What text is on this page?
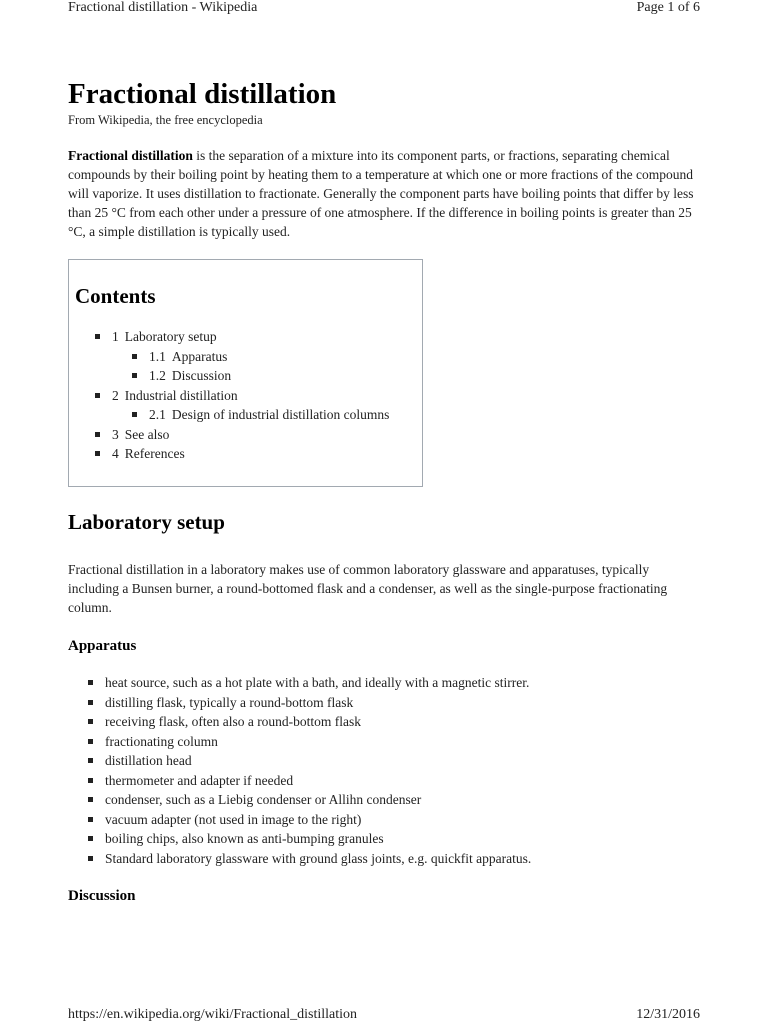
Fractional distillation - Wikipedia	Page 1 of 6
Fractional distillation
From Wikipedia, the free encyclopedia

Fractional distillation is the separation of a mixture into its component parts, or fractions, separating chemical compounds by their boiling point by heating them to a temperature at which one or more fractions of the compound will vaporize. It uses distillation to fractionate. Generally the component parts have boiling points that differ by less than 25 °C from each other under a pressure of one atmosphere. If the difference in boiling points is greater than 25 °C, a simple distillation is typically used.

Contents
1 Laboratory setup
1.1 Apparatus
1.2 Discussion
2 Industrial distillation
2.1 Design of industrial distillation columns
3 See also
4 References
Laboratory setup

Fractional distillation in a laboratory makes use of common laboratory glassware and apparatuses, typically including a Bunsen burner, a round-bottomed flask and a condenser, as well as the single-purpose fractionating column.

Apparatus
heat source, such as a hot plate with a bath, and ideally with a magnetic stirrer.
distilling flask, typically a round-bottom flask
receiving flask, often also a round-bottom flask
fractionating column
distillation head
thermometer and adapter if needed
condenser, such as a Liebig condenser or Allihn condenser
vacuum adapter (not used in image to the right)
boiling chips, also known as anti-bumping granules
Standard laboratory glassware with ground glass joints, e.g. quickfit apparatus.
Discussion
https://en.wikipedia.org/wiki/Fractional_distillation	12/31/2016
